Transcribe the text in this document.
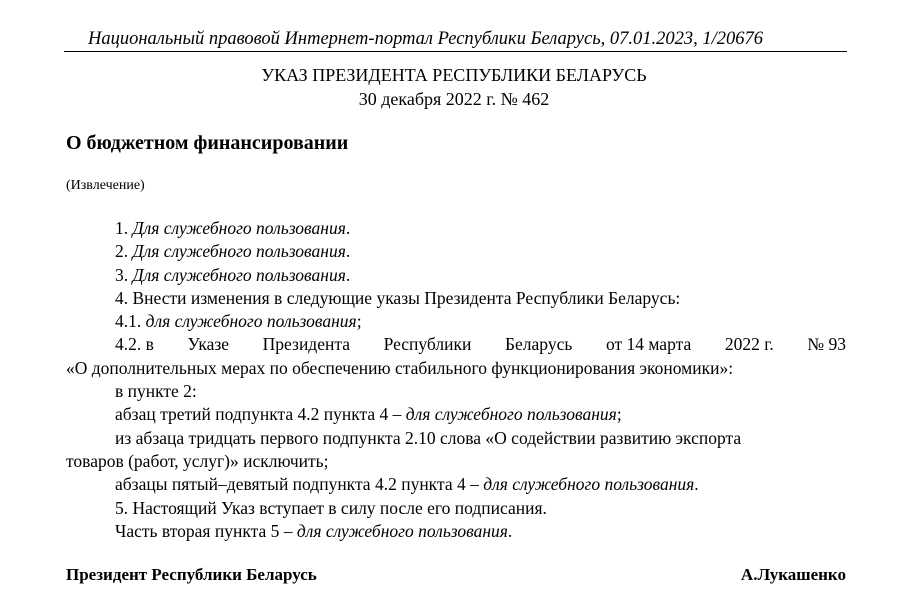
Национальный правовой Интернет-портал Республики Беларусь, 07.01.2023, 1/20676
УКАЗ ПРЕЗИДЕНТА РЕСПУБЛИКИ БЕЛАРУСЬ
30 декабря 2022 г. № 462
О бюджетном финансировании
(Извлечение)
1. Для служебного пользования.
2. Для служебного пользования.
3. Для служебного пользования.
4. Внести изменения в следующие указы Президента Республики Беларусь:
4.1. для служебного пользования;
4.2. в Указе Президента Республики Беларусь от 14 марта 2022 г. № 93
«О дополнительных мерах по обеспечению стабильного функционирования экономики»:
в пункте 2:
абзац третий подпункта 4.2 пункта 4 – для служебного пользования;
из абзаца тридцать первого подпункта 2.10 слова «О содействии развитию экспорта
товаров (работ, услуг)» исключить;
абзацы пятый–девятый подпункта 4.2 пункта 4 – для служебного пользования.
5. Настоящий Указ вступает в силу после его подписания.
Часть вторая пункта 5 – для служебного пользования.
Президент Республики Беларусь	А.Лукашенко
